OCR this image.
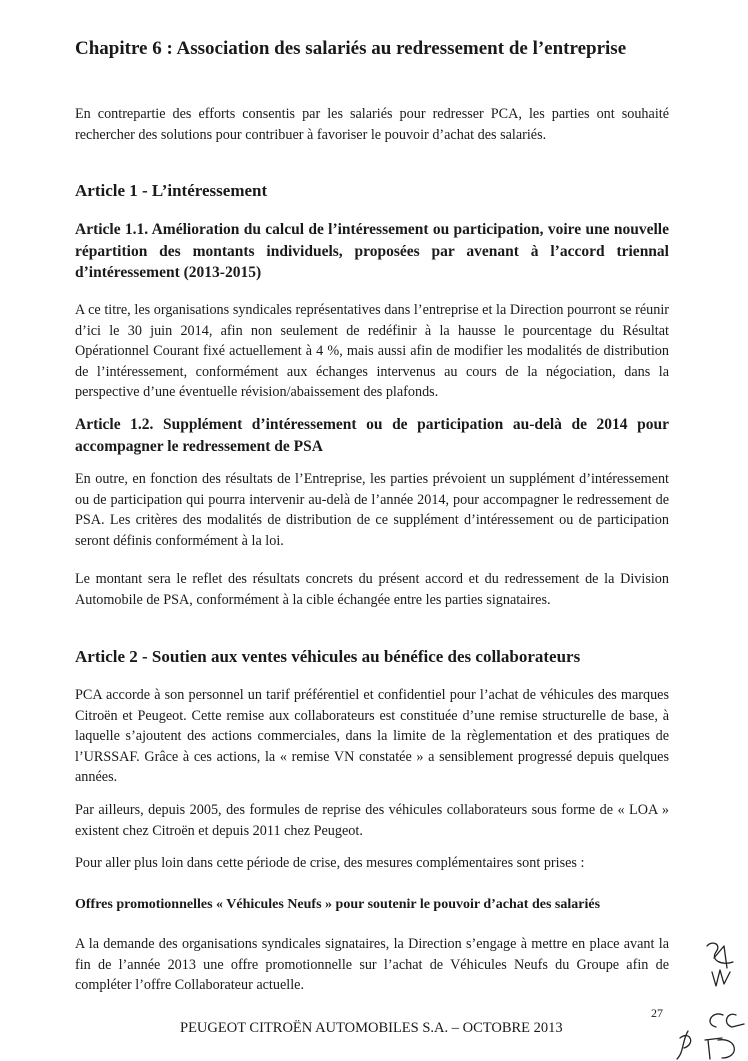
Chapitre 6 : Association des salariés au redressement de l’entreprise

En contrepartie des efforts consentis par les salariés pour redresser PCA, les parties ont souhaité rechercher des solutions pour contribuer à favoriser le pouvoir d’achat des salariés.

Article 1 - L’intéressement
Article 1.1. Amélioration du calcul de l’intéressement ou participation, voire une nouvelle répartition des montants individuels, proposées par avenant à l’accord triennal d’intéressement (2013-2015)

A ce titre, les organisations syndicales représentatives dans l’entreprise et la Direction pourront se réunir d’ici le 30 juin 2014, afin non seulement de redéfinir à la hausse le pourcentage du Résultat Opérationnel Courant fixé actuellement à 4 %, mais aussi afin de modifier les modalités de distribution de l’intéressement, conformément aux échanges intervenus au cours de la négociation, dans la perspective d’une éventuelle révision/abaissement des plafonds.

Article 1.2. Supplément d’intéressement ou de participation au-delà de 2014 pour accompagner le redressement de PSA

En outre, en fonction des résultats de l’Entreprise, les parties prévoient un supplément d’intéressement ou de participation qui pourra intervenir au-delà de l’année 2014, pour accompagner le redressement de PSA. Les critères des modalités de distribution de ce supplément d’intéressement ou de participation seront définis conformément à la loi.

Le montant sera le reflet des résultats concrets du présent accord et du redressement de la Division Automobile de PSA, conformément à la cible échangée entre les parties signataires.

Article 2 - Soutien aux ventes véhicules au bénéfice des collaborateurs

PCA accorde à son personnel un tarif préférentiel et confidentiel pour l’achat de véhicules des marques Citroën et Peugeot. Cette remise aux collaborateurs est constituée d’une remise structurelle de base, à laquelle s’ajoutent des actions commerciales, dans la limite de la règlementation et des pratiques de l’URSSAF. Grâce à ces actions, la « remise VN constatée » a sensiblement progressé depuis quelques années.

Par ailleurs, depuis 2005, des formules de reprise des véhicules collaborateurs sous forme de « LOA » existent chez Citroën et depuis 2011 chez Peugeot.

Pour aller plus loin dans cette période de crise, des mesures complémentaires sont prises :

Offres promotionnelles « Véhicules Neufs » pour soutenir le pouvoir d’achat des salariés

A la demande des organisations syndicales signataires, la Direction s’engage à mettre en place avant la fin de l’année 2013 une offre promotionnelle sur l’achat de Véhicules Neufs du Groupe afin de compléter l’offre Collaborateur actuelle.

27

PEUGEOT CITROËN AUTOMOBILES S.A. – OCTOBRE 2013
